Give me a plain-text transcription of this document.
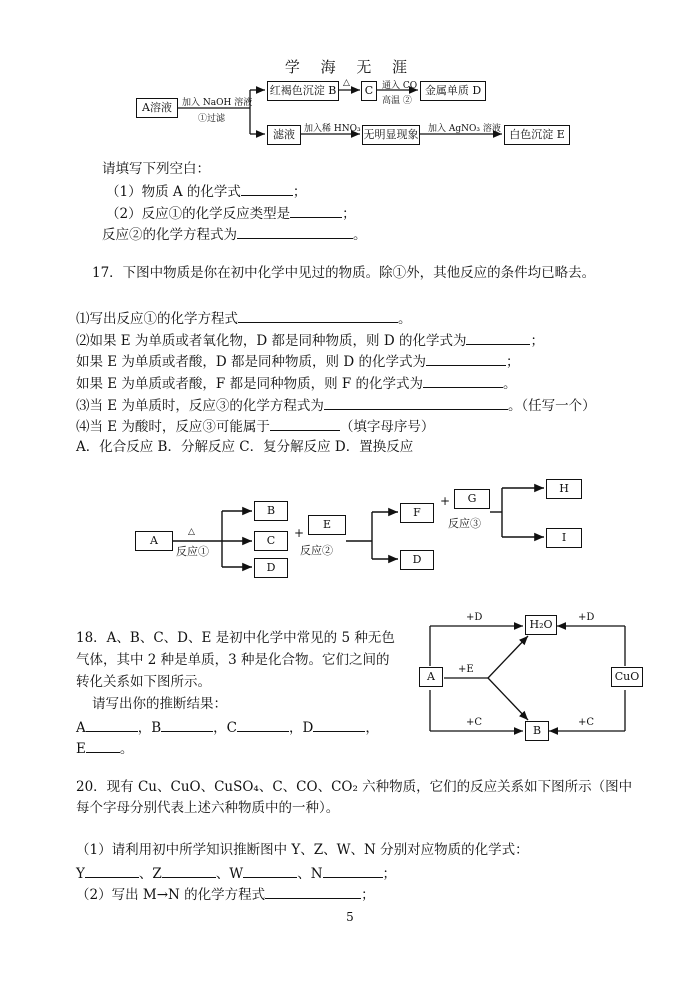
学 海 无 涯
A溶液	加入 NaOH 溶液
①过滤
红褐色沉淀 B
△
C 通入 CO
高温 ②
金属单质 D
滤液	加入稀 HNO₃ 无明显现象 加入 AgNO₃ 溶液 白色沉淀 E
请填写下列空白：
（1）物质 A 的化学式	；
（2）反应①的化学反应类型是	；
反应②的化学方程式为	。
17．下图中物质是你在初中化学中见过的物质。除①外，其他反应的条件均已略去。
⑴写出反应①的化学方程式	。
⑵如果 E 为单质或者氧化物，D 都是同种物质，则 D 的化学式为	；
如果 E 为单质或者酸，D 都是同种物质，则 D 的化学式为	；
如果 E 为单质或者酸，F 都是同种物质，则 F 的化学式为	。
⑶当 E 为单质时，反应③的化学方程式为	。（任写一个）
⑷当 E 为酸时，反应③可能属于	（填字母序号）
A．化合反应 B．分解反应 C．复分解反应 D．置换反应
A
△
反应①
B
C
D
+
E
反应②
F
D
+	G
反应③
H
I
18．A、B、C、D、E 是初中化学中常见的 5 种无色
气体，其中 2 种是单质，3 种是化合物。它们之间的
转化关系如下图所示。
请写出你的推断结果：
A	，B	，C	，D	，
E	。
A
H₂O
CuO
B
+D	+D
+E
+C	+C
20．现有 Cu、CuO、CuSO₄、C、CO、CO₂ 六种物质，它们的反应关系如下图所示（图中
每个字母分别代表上述六种物质中的一种）。
（1）请利用初中所学知识推断图中 Y、Z、W、N 分别对应物质的化学式：
Y	、Z	、W	、N	；
（2）写出 M→N 的化学方程式	；
5
